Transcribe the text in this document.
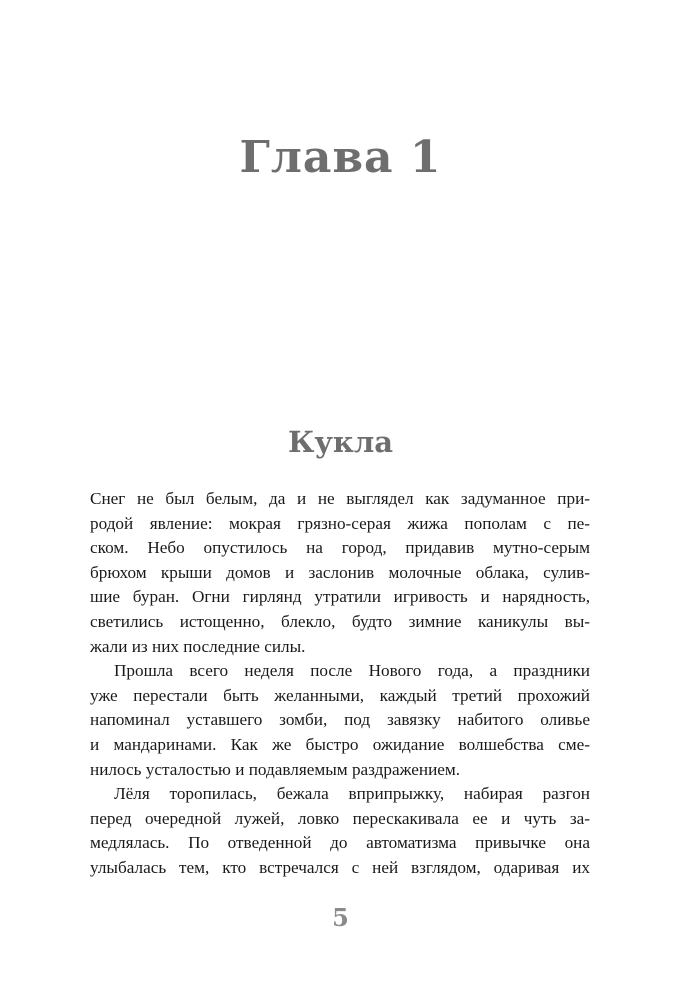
Глава 1
Кукла
Снег не был белым, да и не выглядел как задуманное при-
родой явление: мокрая грязно-серая жижа пополам с пе-
ском. Небо опустилось на город, придавив мутно-серым
брюхом крыши домов и заслонив молочные облака, сулив-
шие буран. Огни гирлянд утратили игривость и нарядность,
светились истощенно, блекло, будто зимние каникулы вы-
жали из них последние силы.
Прошла всего неделя после Нового года, а праздники
уже перестали быть желанными, каждый третий прохожий
напоминал уставшего зомби, под завязку набитого оливье
и мандаринами. Как же быстро ожидание волшебства сме-
нилось усталостью и подавляемым раздражением.
Лёля торопилась, бежала вприпрыжку, набирая разгон
перед очередной лужей, ловко перескакивала ее и чуть за-
медлялась. По отведенной до автоматизма привычке она
улыбалась тем, кто встречался с ней взглядом, одаривая их
5
